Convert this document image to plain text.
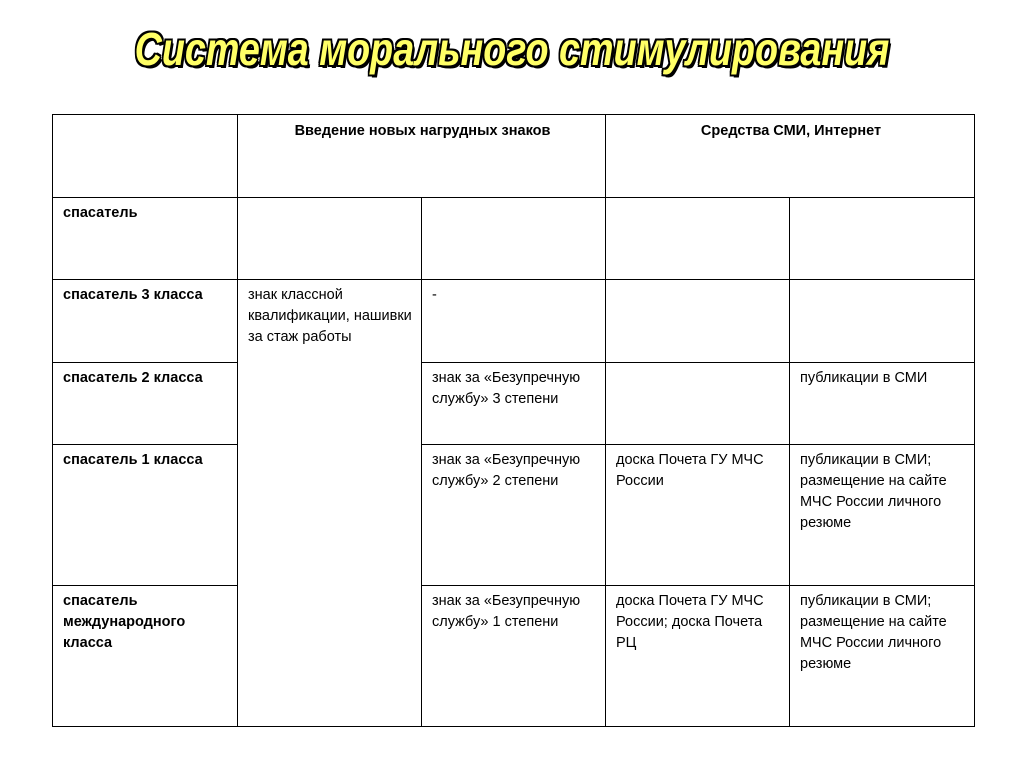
Система морального стимулирования
	Введение новых нагрудных знаков		Средства СМИ, Интернет	
спасатель				
спасатель 3 класса	знак классной квалификации, нашивки за стаж работы	-		
спасатель 2 класса		знак за «Безупречную службу» 3 степени		публикации в СМИ
спасатель 1 класса		знак за «Безупречную службу» 2 степени	доска Почета ГУ МЧС России	публикации в СМИ; размещение на сайте МЧС России личного резюме
спасатель международного класса		знак за «Безупречную службу» 1 степени	доска Почета ГУ МЧС России; доска Почета РЦ	публикации в СМИ; размещение на сайте МЧС России личного резюме
